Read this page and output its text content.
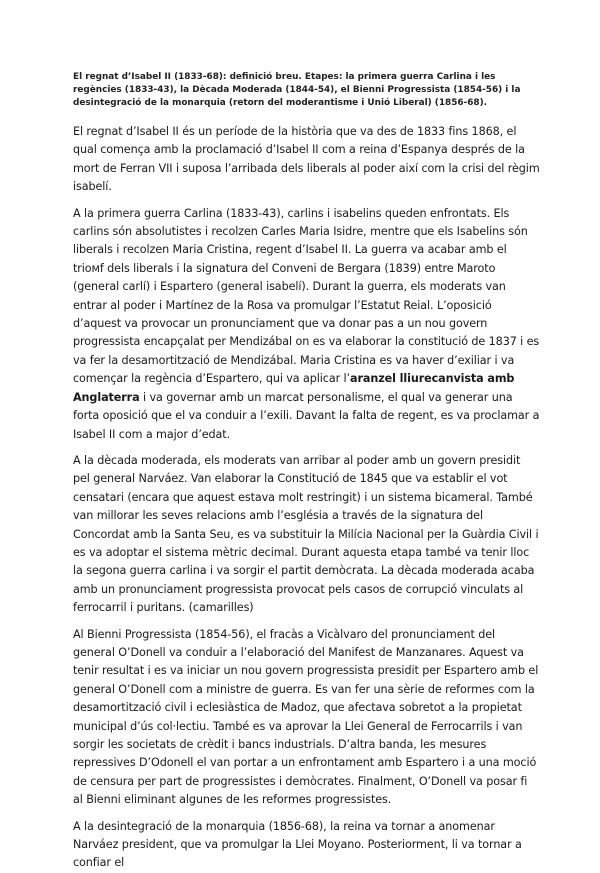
El regnat d’Isabel II (1833-68): definició breu. Etapes: la primera guerra Carlina i les regències (1833-43), la Dècada Moderada (1844-54), el Bienni Progressista (1854-56) i la desintegració de la monarquia (retorn del moderantisme i Unió Liberal) (1856-68).

El regnat d’Isabel II és un període de la història que va des de 1833 fins 1868, el qual comença amb la proclamació d’Isabel II com a reina d’Espanya després de la mort de Ferran VII i suposa l’arribada dels liberals al poder així com la crisi del règim isabelí.

A la primera guerra Carlina (1833-43), carlins i isabelins queden enfrontats. Els carlins són absolutistes i recolzen Carles Maria Isidre, mentre que els Isabelins són liberals i recolzen Maria Cristina, regent d’Isabel II. La guerra va acabar amb el trioмf dels liberals i la signatura del Conveni de Bergara (1839) entre Maroto (general carlí) i Espartero (general isabelí). Durant la guerra, els moderats van entrar al poder i Martínez de la Rosa va promulgar l’Estatut Reial. L’oposició d’aquest va provocar un pronunciament que va donar pas a un nou govern progressista encapçalat per Mendizábal on es va elaborar la constitució de 1837 i es va fer la desamortització de Mendizábal. Maria Cristina es va haver d’exiliar i va començar la regència d’Espartero, qui va aplicar l’aranzel lliurecanvista amb Anglaterra i va governar amb un marcat personalisme, el qual va generar una forta oposició que el va conduir a l’exili. Davant la falta de regent, es va proclamar a Isabel II com a major d’edat.

A la dècada moderada, els moderats van arribar al poder amb un govern presidit pel general Narváez. Van elaborar la Constitució de 1845 que va establir el vot censatari (encara que aquest estava molt restringit) i un sistema bicameral. També van millorar les seves relacions amb l’església a través de la signatura del Concordat amb la Santa Seu, es va substituir la Milícia Nacional per la Guàrdia Civil i es va adoptar el sistema mètric decimal. Durant aquesta etapa també va tenir lloc la segona guerra carlina i va sorgir el partit demòcrata. La dècada moderada acaba amb un pronunciament progressista provocat pels casos de corrupció vinculats al ferrocarril i puritans. (camarilles)

Al Bienni Progressista (1854-56), el fracàs a Vicàlvaro del pronunciament del general O’Donell va conduir a l’elaboració del Manifest de Manzanares. Aquest va tenir resultat i es va iniciar un nou govern progressista presidit per Espartero amb el general O’Donell com a ministre de guerra. Es van fer una sèrie de reformes com la desamortització civil i eclesiàstica de Madoz, que afectava sobretot a la propietat municipal d’ús col·lectiu. També es va aprovar la Llei General de Ferrocarrils i van sorgir les societats de crèdit i bancs industrials. D’altra banda, les mesures repressives D’Odonell el van portar a un enfrontament amb Espartero i a una moció de censura per part de progressistes i demòcrates. Finalment, O’Donell va posar fi al Bienni eliminant algunes de les reformes progressistes.

A la desintegració de la monarquia (1856-68), la reina va tornar a anomenar Narváez president, que va promulgar la Llei Moyano. Posteriorment, li va tornar a confiar el
